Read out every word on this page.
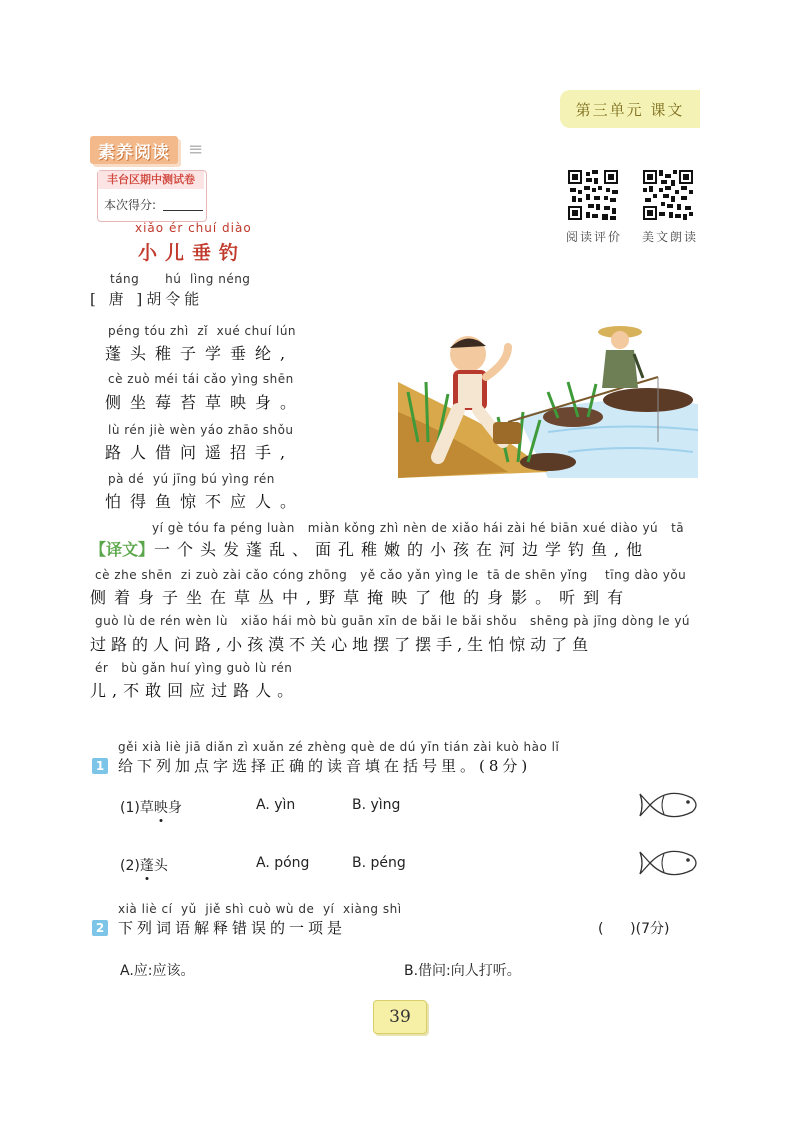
第三单元 课文
素 养 阅 读 ≡
丰台区期中测试卷
本次得分:
阅读评价 美文朗读
xiǎo ér chuí diào
小儿垂钓
táng      hú  lìng néng
[ 唐 ]胡令能
péng tóu zhì  zǐ  xué chuí lún
蓬头稚子学垂纶,
cè zuò méi tái cǎo yìng shēn
侧坐莓苔草映身。
lù rén jiè wèn yáo zhāo shǒu
路人借问遥招手,
pà dé  yú jīng bú yìng rén
怕得鱼惊不应人。
yí gè tóu fa péng luàn   miàn kǒng zhì nèn de xiǎo hái zài hé biān xué diào yú   tā
【译文】一个头发蓬乱、面孔稚嫩的小孩在河边学钓鱼,他
cè zhe shēn  zi zuò zài cǎo cóng zhōng   yě cǎo yǎn yìng le  tā de shēn yǐng    tīng dào yǒu
侧着身子坐在草丛中,野草掩映了他的身影。听到有
guò lù de rén wèn lù   xiǎo hái mò bù guān xīn de bǎi le bǎi shǒu   shēng pà jīng dòng le yú
过路的人问路,小孩漠不关心地摆了摆手,生怕惊动了鱼
ér   bù gǎn huí yìng guò lù rén
儿,不敢回应过路人。
gěi xià liè jiā diǎn zì xuǎn zé zhèng què de dú yīn tián zài kuò hào lǐ
1 给下列加点字选择正确的读音填在括号里。(8分)
(1)草映身	A. yìn	B. yìng
(2)蓬头	A. póng	B. péng
xià liè cí  yǔ  jiě shì cuò wù de  yí  xiàng shì
2 下列词语解释错误的一项是	(      )(7分)
A.应:应该。	B.借问:向人打听。
39
